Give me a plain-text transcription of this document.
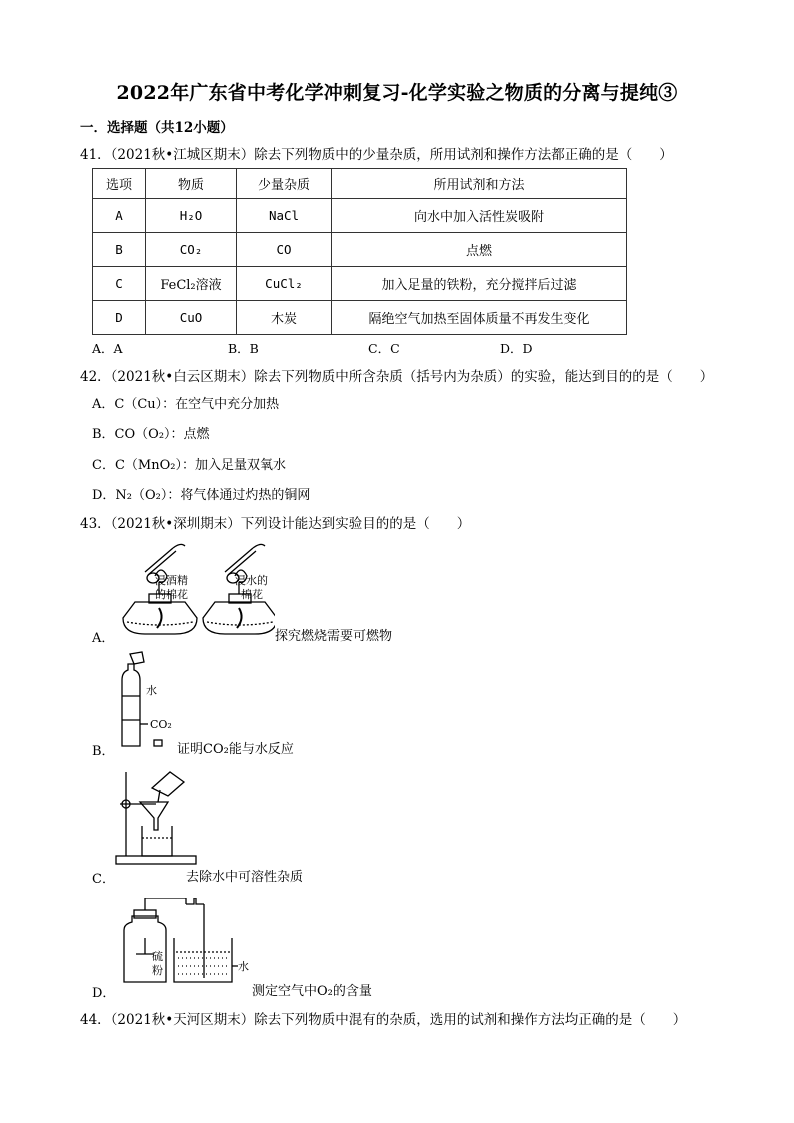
2022年广东省中考化学冲刺复习-化学实验之物质的分离与提纯③
一．选择题（共12小题）
41．（2021秋•江城区期末）除去下列物质中的少量杂质，所用试剂和操作方法都正确的是（　　）
选项	物质	少量杂质	所用试剂和方法
A	H₂O	NaCl	向水中加入活性炭吸附
B	CO₂	CO	点燃
C	FeCl₂溶液	CuCl₂	加入足量的铁粉，充分搅拌后过滤
D	CuO	木炭	隔绝空气加热至固体质量不再发生变化
A．A	B．B	C．C	D．D
42．（2021秋•白云区期末）除去下列物质中所含杂质（括号内为杂质）的实验，能达到目的的是（　　）
A．C（Cu）：在空气中充分加热
B．CO（O₂）：点燃
C．C（MnO₂）：加入足量双氧水
D．N₂（O₂）：将气体通过灼热的铜网
43．（2021秋•深圳期末）下列设计能达到实验目的的是（　　）
浸酒精
的棉花
浸水的
棉花
A．	探究燃烧需要可燃物
水
CO₂
B．	证明CO₂能与水反应
C．	去除水中可溶性杂质
硫
粉	水
D．	测定空气中O₂的含量
44．（2021秋•天河区期末）除去下列物质中混有的杂质，选用的试剂和操作方法均正确的是（　　）
